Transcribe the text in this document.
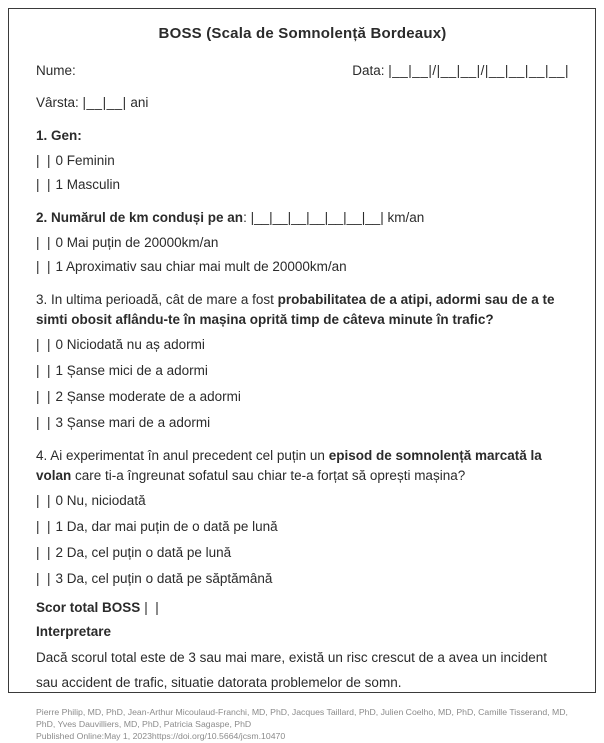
BOSS (Scala de Somnolență Bordeaux)
Nume:	Data: |__|__|/|__|__|/|__|__|__|__|
Vârsta: |__|__| ani
1. Gen:
|  | 0 Feminin
|  | 1 Masculin
2. Numărul de km conduși pe an: |__|__|__|__|__|__|__| km/an
|  | 0 Mai puțin de 20000km/an
|  | 1 Aproximativ sau chiar mai mult de 20000km/an
3. In ultima perioadă, cât de mare a fost probabilitatea de a atipi, adormi sau de a te simti obosit aflându-te în mașina oprită timp de câteva minute în trafic?
|  | 0 Niciodată nu aș adormi
|  | 1 Șanse mici de a adormi
|  | 2 Șanse moderate de a adormi
|  | 3 Șanse mari de a adormi
4. Ai experimentat în anul precedent cel puțin un episod de somnolență marcată la volan care ti-a îngreunat sofatul sau chiar te-a forțat să oprești mașina?
|  | 0 Nu, niciodată
|  | 1 Da, dar mai puțin de o dată pe lună
|  | 2 Da, cel puțin o dată pe lună
|  | 3 Da, cel puțin o dată pe săptămână
Scor total BOSS |  |
Interpretare
Dacă scorul total este de 3 sau mai mare, există un risc crescut de a avea un incident sau accident de trafic, situatie datorata problemelor de somn.
Pierre Philip, MD, PhD, Jean-Arthur Micoulaud-Franchi, MD, PhD, Jacques Taillard, PhD, Julien Coelho, MD, PhD, Camille Tisserand, MD, PhD, Yves Dauvilliers, MD, PhD, Patricia Sagaspe, PhD
Published Online:May 1, 2023https://doi.org/10.5664/jcsm.10470
